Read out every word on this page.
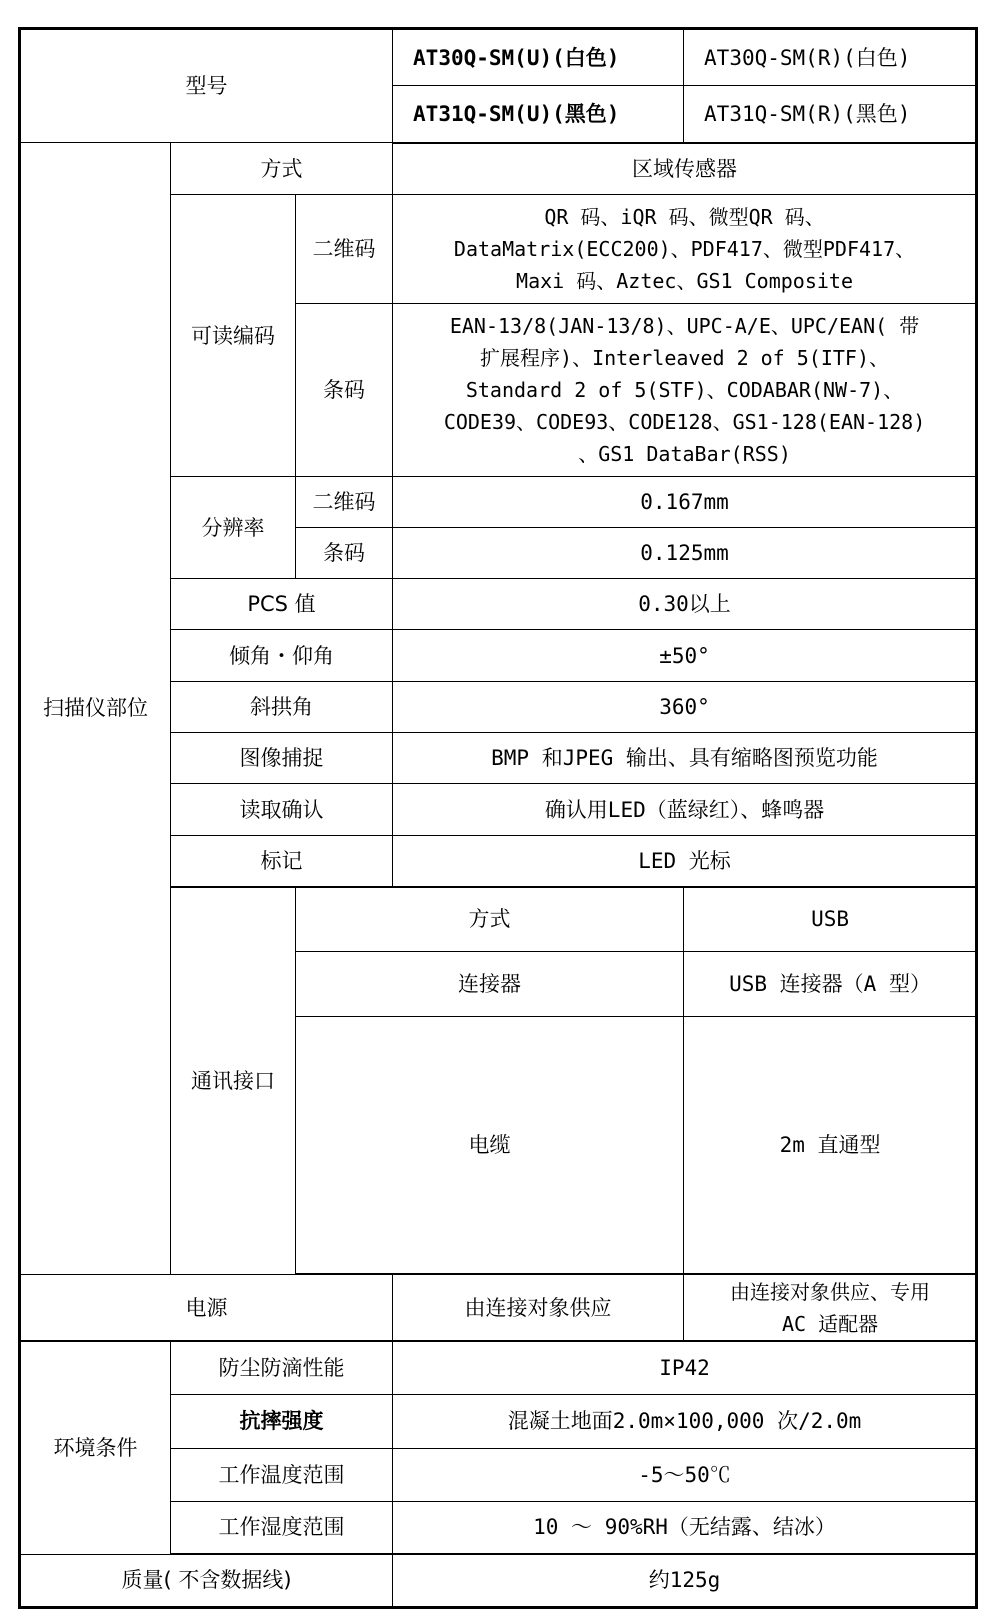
型号			AT30Q-SM(U)(白色)	AT30Q-SM(R)(白色)	
			AT31Q-SM(U)(黑色)	AT31Q-SM(R)(黑色)	
扫描仪部位	方式		区域传感器		
	可读编码	二维码	QR 码、iQR 码、微型QR 码、
DataMatrix(ECC200)、PDF417、微型PDF417、
Maxi 码、Aztec、GS1 Composite		

		条码	EAN-13/8(JAN-13/8)、UPC-A/E、UPC/EAN( 带
扩展程序)、Interleaved 2 of 5(ITF)、
Standard 2 of 5(STF)、CODABAR(NW-7)、
CODE39、CODE93、CODE128、GS1-128(EAN-128)
、GS1 DataBar(RSS)		

	分辨率	二维码	0.167mm		
		条码	0.125mm		
	PCS 值		0.30以上		
	倾角・仰角		±50°		
	斜拱角		360°		
	图像捕捉		BMP 和JPEG 输出、具有缩略图预览功能		
	读取确认		确认用LED（蓝绿红）、蜂鸣器		
	标记		LED 光标		
	通讯接口	方式		USB	
		连接器		USB 连接器（A 型）	
		电缆		2m 直通型	
电源			由连接对象供应	由连接对象供应、专用
AC 适配器	

环境条件	防尘防滴性能		IP42		
	抗摔强度		混凝土地面2.0m×100,000 次/2.0m		
	工作温度范围		-5～50℃		
	工作湿度范围		10 ～ 90%RH（无结露、结冰）		
质量( 不含数据线)			约125g		
